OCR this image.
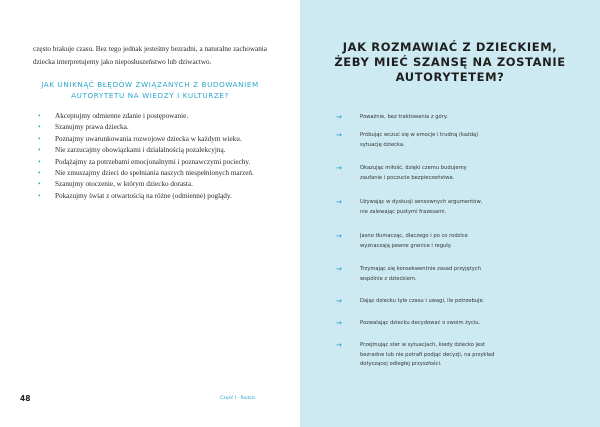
często brakuje czasu. Bez tego jednak jesteśmy bezradni, a naturalne zachowania dziecka interpretujemy jako nieposłuszeństwo lub dziwactwo.

JAK UNIKNĄĆ BŁĘDÓW ZWIĄZANYCH Z BUDOWANIEM
AUTORYTETU NA WIEDZY I KULTURZE?
• Akceptujmy odmienne zdanie i postępowanie.
• Szanujmy prawa dziecka.
• Poznajmy uwarunkowania rozwojowe dziecka w każdym wieku.
• Nie zarzucajmy obowiązkami i działalnością pozalekcyjną.
• Podążajmy za potrzebami emocjonalnymi i poznawczymi pociechy.
• Nie zmuszajmy dzieci do spełniania naszych niespełnionych marzeń.
• Szanujmy otoczenie, w którym dziecko dorasta.
• Pokazujmy świat z otwartością na różne (odmienne) poglądy.
48	Część I · Rodzic
JAK ROZMAWIAĆ Z DZIECKIEM,
ŻEBY MIEĆ SZANSĘ NA ZOSTANIE
AUTORYTETEM?
→	Poważnie, bez traktowania z góry.
→	Próbując wczuć się w emocje i trudną (każdą)
sytuację dziecka.
→	Okazując miłość, dzięki czemu budujemy
zaufanie i poczucie bezpieczeństwa.
→	Używając w dyskusji sensownych argumentów,
nie zalewając pustymi frazesami.
→	Jasno tłumacząc, dlaczego i po co rodzice
wyznaczają pewne granice i reguły.
→	Trzymając się konsekwentnie zasad przyjętych
wspólnie z dzieckiem.
→	Dając dziecku tyle czasu i uwagi, ile potrzebuje.
→	Pozwalając dziecku decydować o swoim życiu.
→	Przejmując ster w sytuacjach, kiedy dziecko jest
bezradne lub nie potrafi podjąć decyzji, na przykład
dotyczącej odległej przyszłości.
